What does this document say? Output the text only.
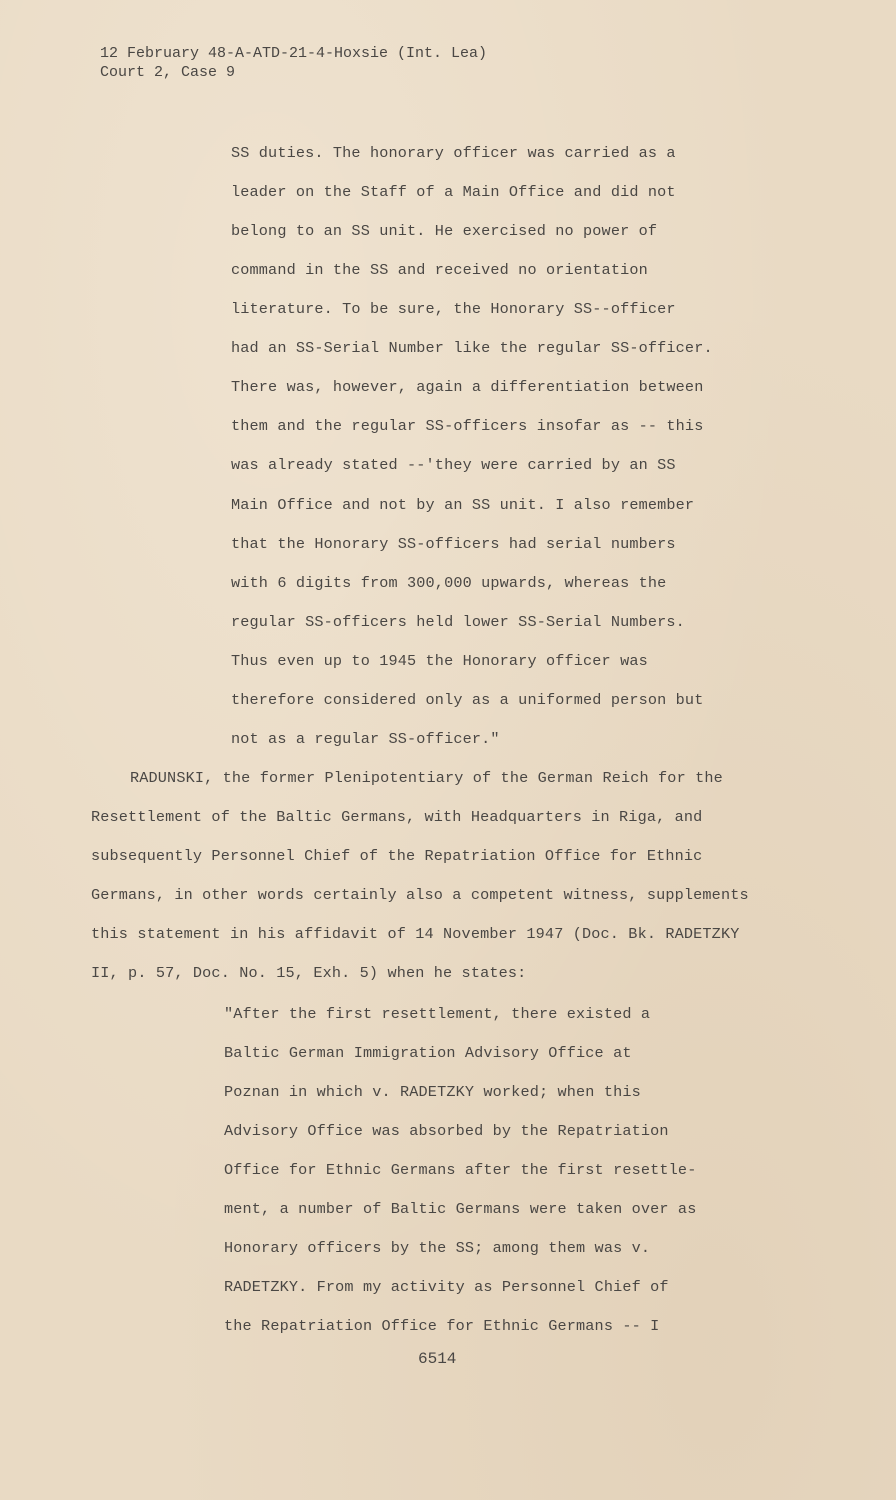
12 February 48-A-ATD-21-4-Hoxsie (Int. Lea)
Court 2, Case 9
SS duties. The honorary officer was carried as a
leader on the Staff of a Main Office and did not
belong to an SS unit. He exercised no power of
command in the SS and received no orientation
literature. To be sure, the Honorary SS--officer
had an SS-Serial Number like the regular SS-officer.
There was, however, again a differentiation between
them and the regular SS-officers insofar as -- this
was already stated --'they were carried by an SS
Main Office and not by an SS unit. I also remember
that the Honorary SS-officers had serial numbers
with 6 digits from 300,000 upwards, whereas the
regular SS-officers held lower SS-Serial Numbers.
Thus even up to 1945 the Honorary officer was
therefore considered only as a uniformed person but
not as a regular SS-officer."
RADUNSKI, the former Plenipotentiary of the German Reich for the
Resettlement of the Baltic Germans, with Headquarters in Riga, and
subsequently Personnel Chief of the Repatriation Office for Ethnic
Germans, in other words certainly also a competent witness, supplements
this statement in his affidavit of 14 November 1947 (Doc. Bk. RADETZKY
II, p. 57, Doc. No. 15, Exh. 5) when he states:
"After the first resettlement, there existed a
Baltic German Immigration Advisory Office at
Poznan in which v. RADETZKY worked; when this
Advisory Office was absorbed by the Repatriation
Office for Ethnic Germans after the first resettle-
ment, a number of Baltic Germans were taken over as
Honorary officers by the SS; among them was v.
RADETZKY. From my activity as Personnel Chief of
the Repatriation Office for Ethnic Germans -- I
6514
